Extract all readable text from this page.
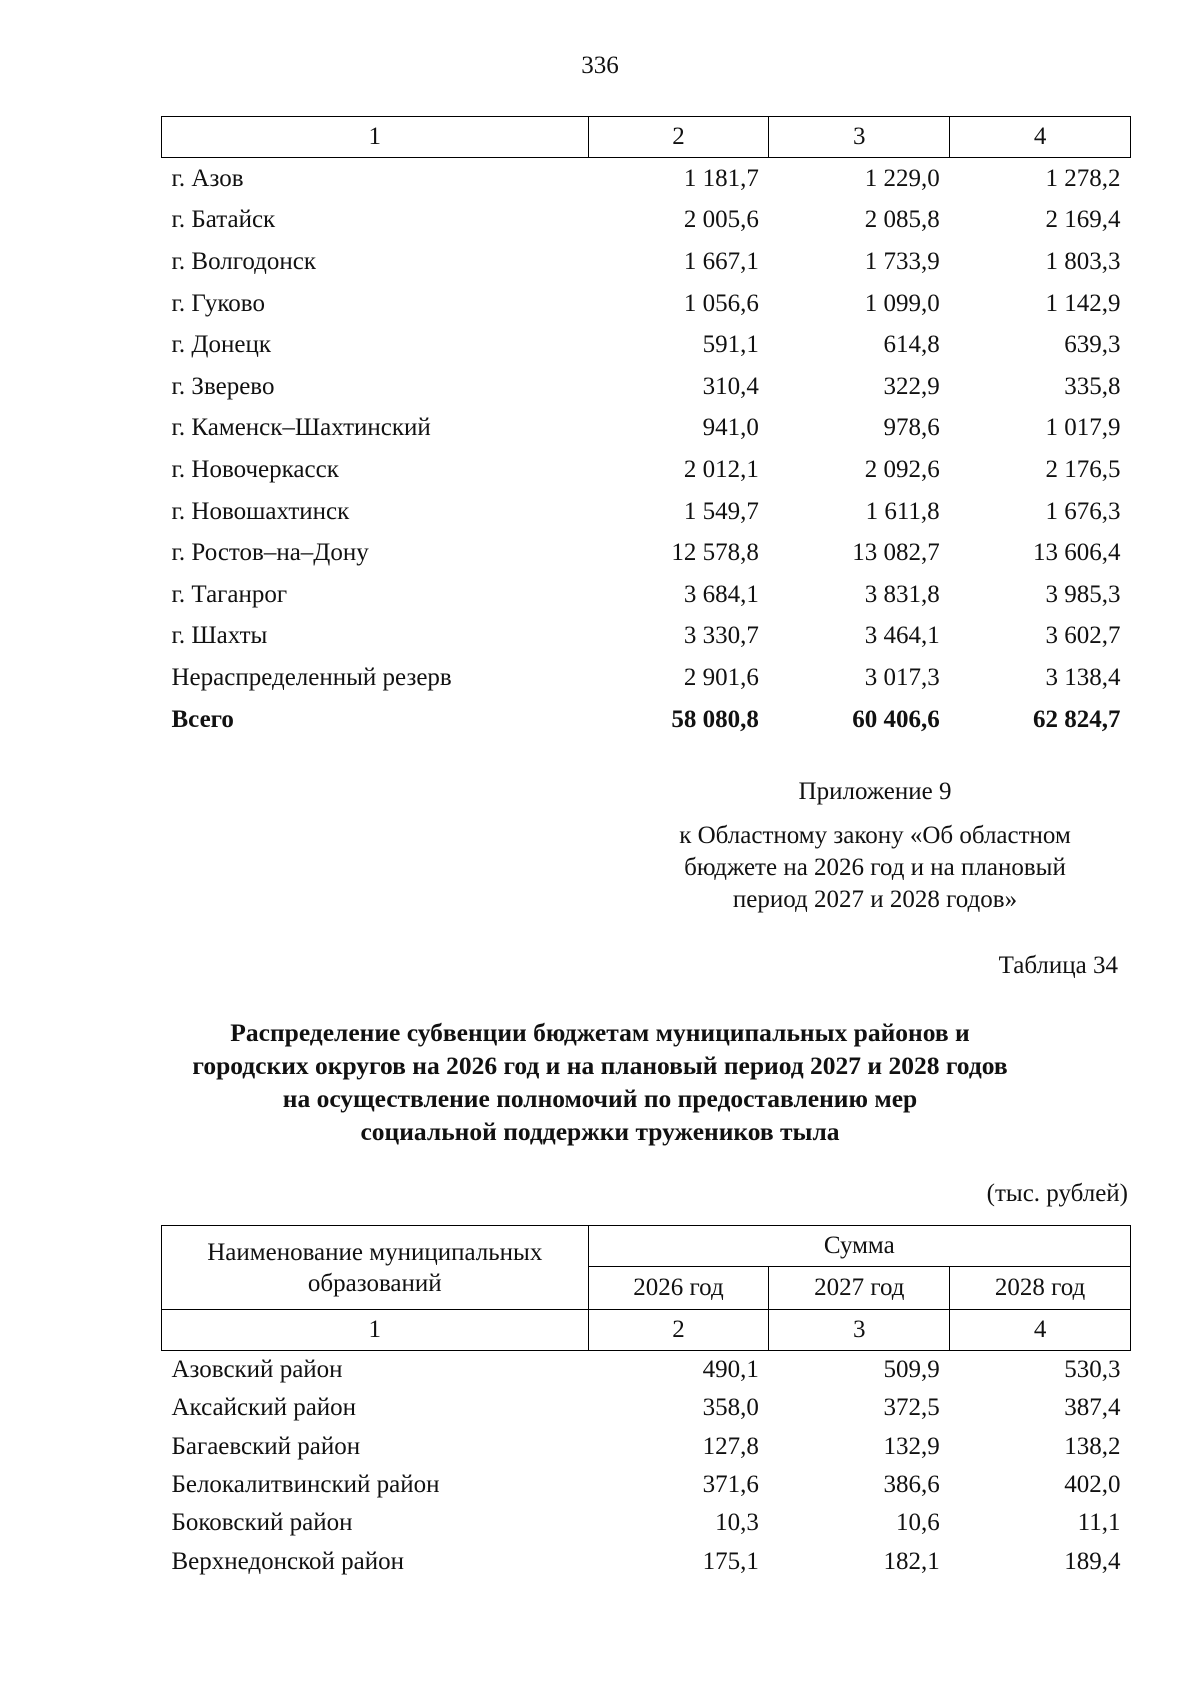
336
1	2	3	4
г. Азов	1 181,7	1 229,0	1 278,2
г. Батайск	2 005,6	2 085,8	2 169,4
г. Волгодонск	1 667,1	1 733,9	1 803,3
г. Гуково	1 056,6	1 099,0	1 142,9
г. Донецк	591,1	614,8	639,3
г. Зверево	310,4	322,9	335,8
г. Каменск–Шахтинский	941,0	978,6	1 017,9
г. Новочеркасск	2 012,1	2 092,6	2 176,5
г. Новошахтинск	1 549,7	1 611,8	1 676,3
г. Ростов–на–Дону	12 578,8	13 082,7	13 606,4
г. Таганрог	3 684,1	3 831,8	3 985,3
г. Шахты	3 330,7	3 464,1	3 602,7
Нераспределенный резерв	2 901,6	3 017,3	3 138,4
Всего	58 080,8	60 406,6	62 824,7
Приложение 9
к Областному закону «Об областном
бюджете на 2026 год и на плановый
период 2027 и 2028 годов»
Таблица 34
Распределение субвенции бюджетам муниципальных районов и
городских округов на 2026 год и на плановый период 2027 и 2028 годов
на осуществление полномочий по предоставлению мер
социальной поддержки тружеников тыла
(тыс. рублей)
Наименование муниципальных образований	Сумма		
	2026 год	2027 год	2028 год
1	2	3	4
Азовский район	490,1	509,9	530,3
Аксайский район	358,0	372,5	387,4
Багаевский район	127,8	132,9	138,2
Белокалитвинский район	371,6	386,6	402,0
Боковский район	10,3	10,6	11,1
Верхнедонской район	175,1	182,1	189,4
